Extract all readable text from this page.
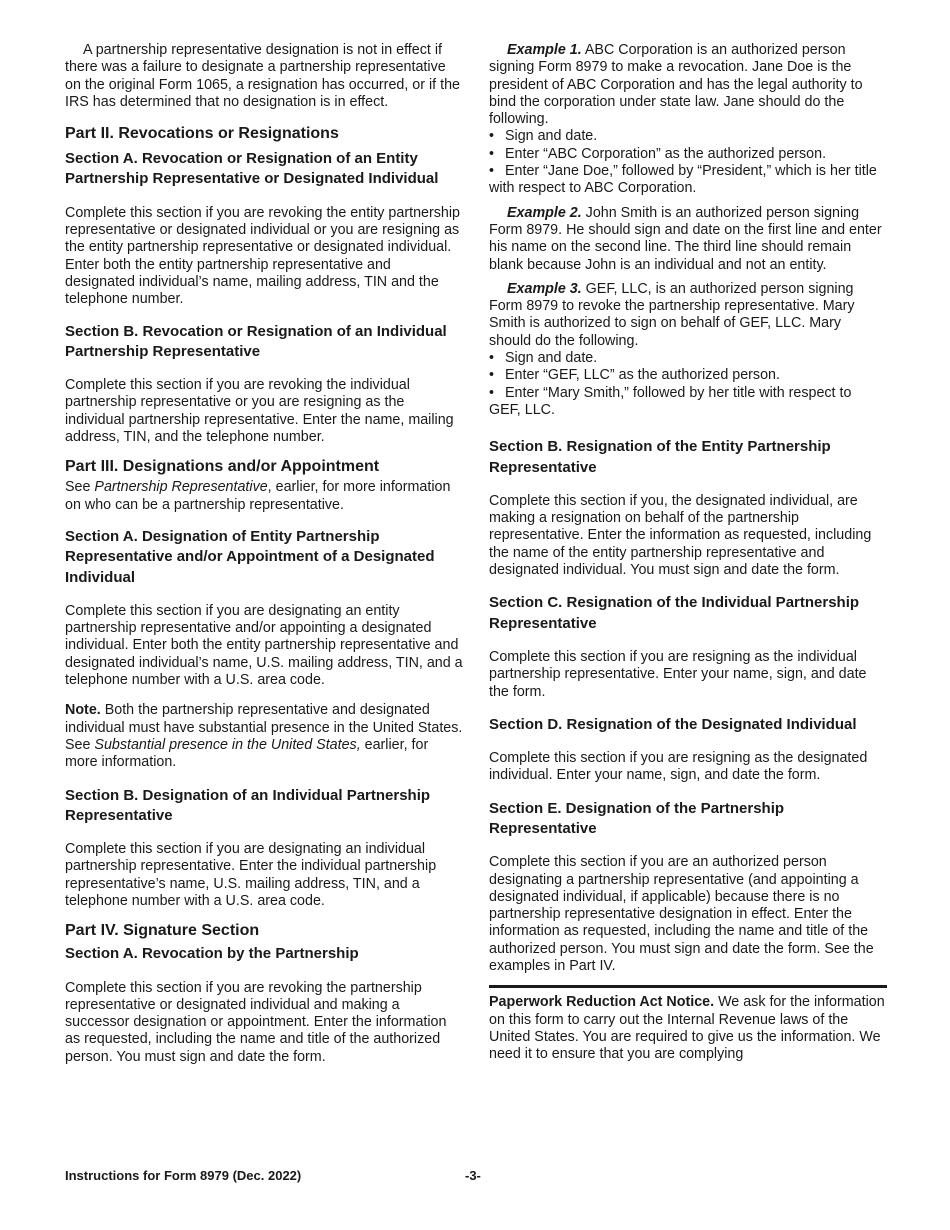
A partnership representative designation is not in effect if there was a failure to designate a partnership representative on the original Form 1065, a resignation has occurred, or if the IRS has determined that no designation is in effect.

Part II. Revocations or Resignations
Section A. Revocation or Resignation of an Entity Partnership Representative or Designated Individual

Complete this section if you are revoking the entity partnership representative or designated individual or you are resigning as the entity partnership representative or designated individual. Enter both the entity partnership representative and designated individual’s name, mailing address, TIN and the telephone number.

Section B. Revocation or Resignation of an Individual Partnership Representative

Complete this section if you are revoking the individual partnership representative or you are resigning as the individual partnership representative. Enter the name, mailing address, TIN, and the telephone number.

Part III. Designations and/or Appointment

See Partnership Representative, earlier, for more information on who can be a partnership representative.

Section A. Designation of Entity Partnership Representative and/or Appointment of a Designated Individual

Complete this section if you are designating an entity partnership representative and/or appointing a designated individual. Enter both the entity partnership representative and designated individual’s name, U.S. mailing address, TIN, and a telephone number with a U.S. area code.

Note. Both the partnership representative and designated individual must have substantial presence in the United States. See Substantial presence in the United States, earlier, for more information.

Section B. Designation of an Individual Partnership Representative

Complete this section if you are designating an individual partnership representative. Enter the individual partnership representative’s name, U.S. mailing address, TIN, and a telephone number with a U.S. area code.

Part IV. Signature Section
Section A. Revocation by the Partnership

Complete this section if you are revoking the partnership representative or designated individual and making a successor designation or appointment. Enter the information as requested, including the name and title of the authorized person. You must sign and date the form.

Example 1. ABC Corporation is an authorized person signing Form 8979 to make a revocation. Jane Doe is the president of ABC Corporation and has the legal authority to bind the corporation under state law. Jane should do the following.

• Sign and date.
• Enter “ABC Corporation” as the authorized person.
• Enter “Jane Doe,” followed by “President,” which is her title with respect to ABC Corporation.

Example 2. John Smith is an authorized person signing Form 8979. He should sign and date on the first line and enter his name on the second line. The third line should remain blank because John is an individual and not an entity.

Example 3. GEF, LLC, is an authorized person signing Form 8979 to revoke the partnership representative. Mary Smith is authorized to sign on behalf of GEF, LLC. Mary should do the following.

• Sign and date.
• Enter “GEF, LLC” as the authorized person.
• Enter “Mary Smith,” followed by her title with respect to GEF, LLC.
Section B. Resignation of the Entity Partnership Representative

Complete this section if you, the designated individual, are making a resignation on behalf of the partnership representative. Enter the information as requested, including the name of the entity partnership representative and designated individual. You must sign and date the form.

Section C. Resignation of the Individual Partnership Representative

Complete this section if you are resigning as the individual partnership representative. Enter your name, sign, and date the form.

Section D. Resignation of the Designated Individual

Complete this section if you are resigning as the designated individual. Enter your name, sign, and date the form.

Section E. Designation of the Partnership Representative

Complete this section if you are an authorized person designating a partnership representative (and appointing a designated individual, if applicable) because there is no partnership representative designation in effect. Enter the information as requested, including the name and title of the authorized person. You must sign and date the form. See the examples in Part IV.

Paperwork Reduction Act Notice. We ask for the information on this form to carry out the Internal Revenue laws of the United States. You are required to give us the information. We need it to ensure that you are complying
Instructions for Form 8979 (Dec. 2022)	-3-
